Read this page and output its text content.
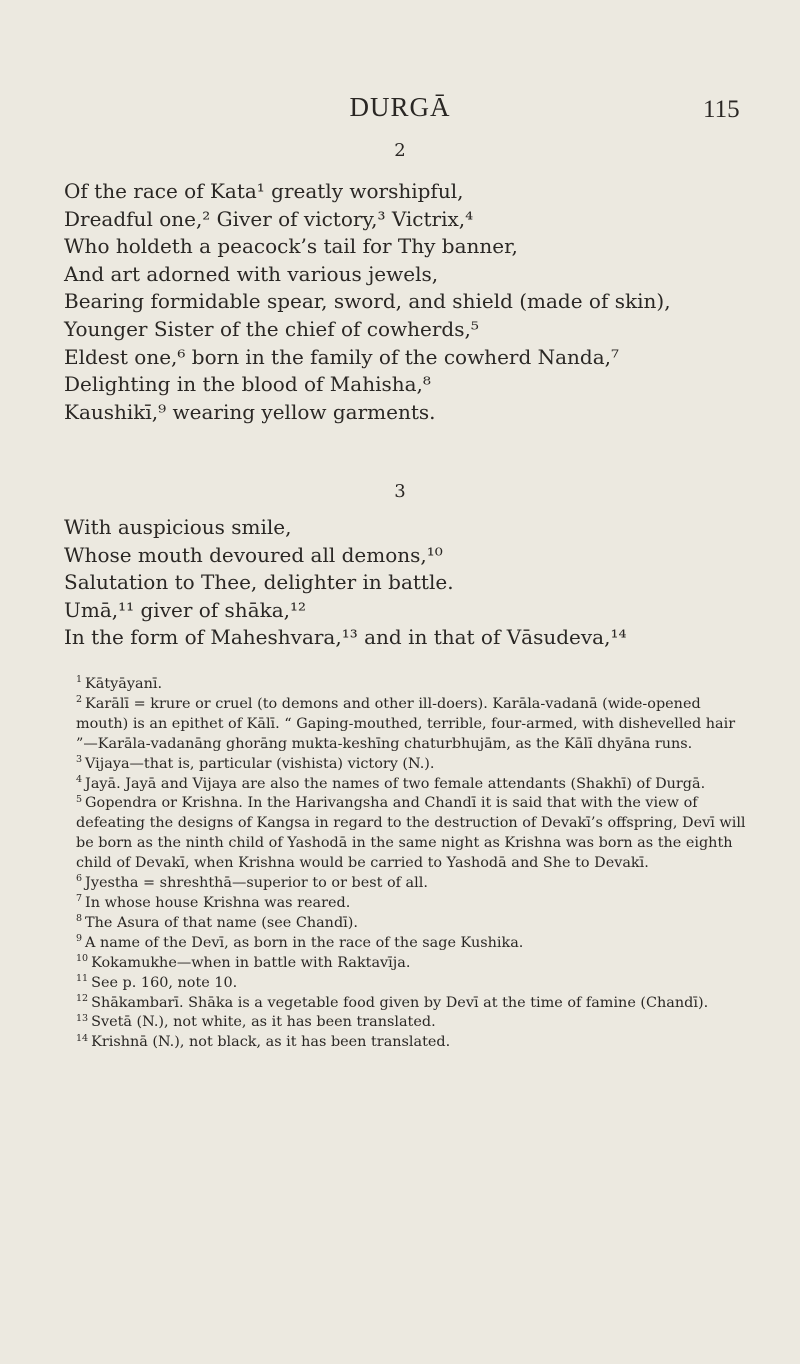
DURGĀ	115
2
Of the race of Kata¹ greatly worshipful,
Dreadful one,² Giver of victory,³ Victrix,⁴
Who holdeth a peacock’s tail for Thy banner,
And art adorned with various jewels,
Bearing formidable spear, sword, and shield (made of skin),
Younger Sister of the chief of cowherds,⁵
Eldest one,⁶ born in the family of the cowherd Nanda,⁷
Delighting in the blood of Mahisha,⁸
Kaushikī,⁹ wearing yellow garments.
3
With auspicious smile,
Whose mouth devoured all demons,¹⁰
Salutation to Thee, delighter in battle.
Umā,¹¹ giver of shāka,¹²
In the form of Maheshvara,¹³ and in that of Vāsudeva,¹⁴
$^1$ Kātyāyanī.
$^2$ Karālī = krure or cruel (to demons and other ill-doers). Karāla-vadanā (wide-opened mouth) is an epithet of Kālī. “ Gaping-mouthed, terrible, four-armed, with dishevelled hair ”—Karāla-vadanāng ghorāng mukta-keshīng chaturbhujām, as the Kālī dhyāna runs.
$^3$ Vijaya—that is, particular (vishista) victory (N.).
$^4$ Jayā. Jayā and Vijaya are also the names of two female attendants (Shakhī) of Durgā.
$^5$ Gopendra or Krishna. In the Harivangsha and Chandī it is said that with the view of defeating the designs of Kangsa in regard to the destruction of Devakī’s offspring, Devī will be born as the ninth child of Yashodā in the same night as Krishna was born as the eighth child of Devakī, when Krishna would be carried to Yashodā and She to Devakī.
$^6$ Jyestha = shreshthā—superior to or best of all.
$^7$ In whose house Krishna was reared.
$^8$ The Asura of that name (see Chandī).
$^9$ A name of the Devī, as born in the race of the sage Kushika.
$^{10}$ Kokamukhe—when in battle with Raktavīja.
$^{11}$ See p. 160, note 10.
$^{12}$ Shākambarī. Shāka is a vegetable food given by Devī at the time of famine (Chandī).
$^{13}$ Svetā (N.), not white, as it has been translated.
$^{14}$ Krishnā (N.), not black, as it has been translated.
